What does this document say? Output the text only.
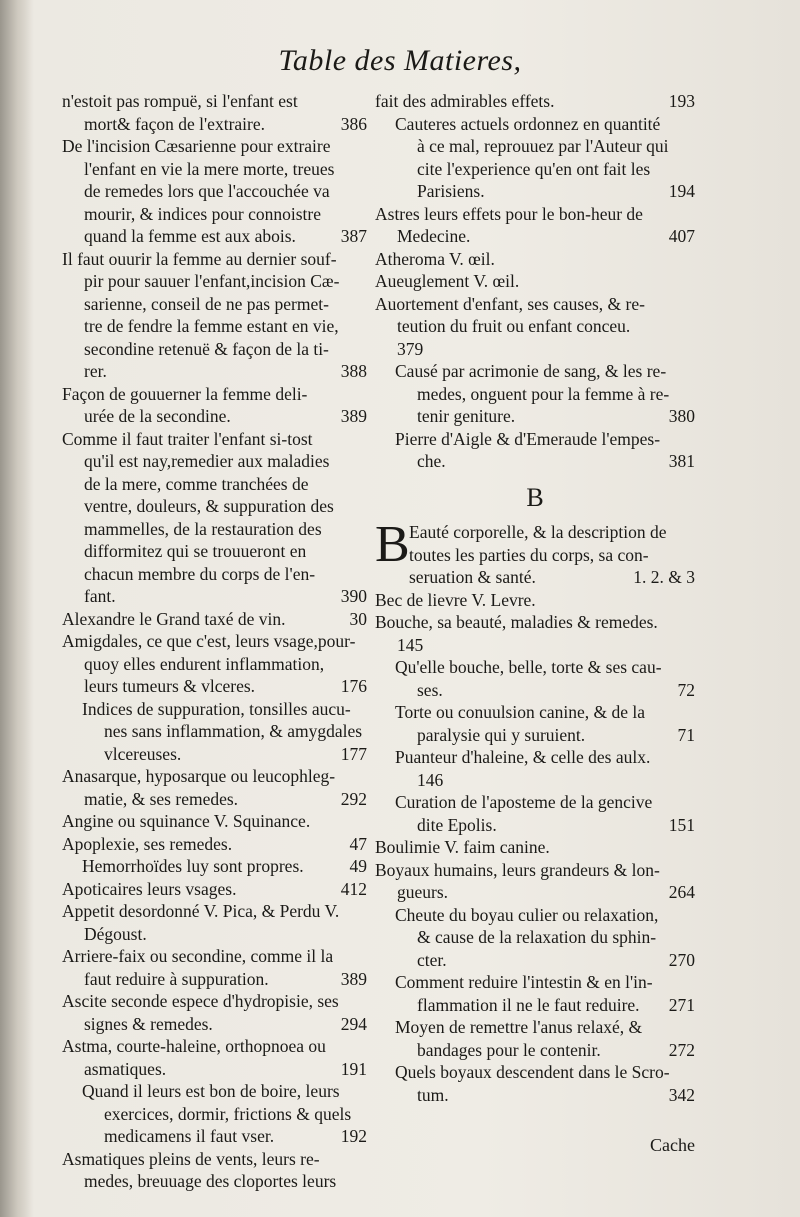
Table des Matieres,
n'estoit pas rompuë, si l'enfant est
mort& façon de l'extraire.	386
De l'incision Cæsarienne pour extraire
l'enfant en vie la mere morte, treues
de remedes lors que l'accouchée va
mourir, & indices pour connoistre
quand la femme est aux abois.	387
Il faut ouurir la femme au dernier souf-
pir pour sauuer l'enfant,incision Cæ-
sarienne, conseil de ne pas permet-
tre de fendre la femme estant en vie,
secondine retenuë & façon de la ti-
rer.	388
Façon de gouuerner la femme deli-
urée de la secondine.	389
Comme il faut traiter l'enfant si-tost
qu'il est nay,remedier aux maladies
de la mere, comme tranchées de
ventre, douleurs, & suppuration des
mammelles, de la restauration des
difformitez qui se trouueront en
chacun membre du corps de l'en-
fant.	390
Alexandre le Grand taxé de vin.	30
Amigdales, ce que c'est, leurs vsage,pour-
quoy elles endurent inflammation,
leurs tumeurs & vlceres.	176
Indices de suppuration, tonsilles aucu-
nes sans inflammation, & amygdales
vlcereuses.	177
Anasarque, hyposarque ou leucophleg-
matie, & ses remedes.	292
Angine ou squinance V. Squinance.
Apoplexie, ses remedes.	47
Hemorrhoïdes luy sont propres.	49
Apoticaires leurs vsages.	412
Appetit desordonné V. Pica, & Perdu V.
Dégoust.
Arriere-faix ou secondine, comme il la
faut reduire à suppuration.	389
Ascite seconde espece d'hydropisie, ses
signes & remedes.	294
Astma, courte-haleine, orthopnoea ou
asmatiques.	191
Quand il leurs est bon de boire, leurs
exercices, dormir, frictions & quels
medicamens il faut vser.	192
Asmatiques pleins de vents, leurs re-
medes, breuuage des cloportes leurs
fait des admirables effets.	193
Cauteres actuels ordonnez en quantité
à ce mal, reprouuez par l'Auteur qui
cite l'experience qu'en ont fait les
Parisiens.	194
Astres leurs effets pour le bon-heur de
Medecine.	407
Atheroma V. œil.
Aueuglement V. œil.
Auortement d'enfant, ses causes, & re-
teution du fruit ou enfant conceu.
379
Causé par acrimonie de sang, & les re-
medes, onguent pour la femme à re-
tenir geniture.	380
Pierre d'Aigle & d'Emeraude l'empes-
che.	381
B
B Eauté corporelle, & la description de
toutes les parties du corps, sa con-
seruation & santé.	1. 2. & 3
Bec de lievre V. Levre.
Bouche, sa beauté, maladies & remedes.
145
Qu'elle bouche, belle, torte & ses cau-
ses.	72
Torte ou conuulsion canine, & de la
paralysie qui y suruient.	71
Puanteur d'haleine, & celle des aulx.
146
Curation de l'aposteme de la gencive
dite Epolis.	151
Boulimie V. faim canine.
Boyaux humains, leurs grandeurs & lon-
gueurs.	264
Cheute du boyau culier ou relaxation,
& cause de la relaxation du sphin-
cter.	270
Comment reduire l'intestin & en l'in-
flammation il ne le faut reduire. 271
Moyen de remettre l'anus relaxé, &
bandages pour le contenir.	272
Quels boyaux descendent dans le Scro-
tum.	342
Cache
